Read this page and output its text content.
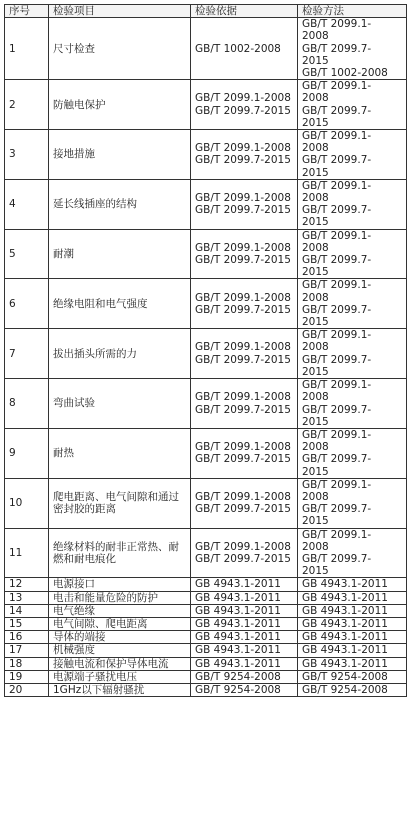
序号	检验项目	检验依据	检验方法
1	尺寸检查	GB/T 1002-2008	GB/T 2099.1-
2008
GB/T 2099.7-
2015
GB/T 1002-2008
2	防触电保护	GB/T 2099.1-2008
GB/T 2099.7-2015	GB/T 2099.1-
2008
GB/T 2099.7-
2015
3	接地措施	GB/T 2099.1-2008
GB/T 2099.7-2015	GB/T 2099.1-
2008
GB/T 2099.7-
2015
4	延长线插座的结构	GB/T 2099.1-2008
GB/T 2099.7-2015	GB/T 2099.1-
2008
GB/T 2099.7-
2015
5	耐潮	GB/T 2099.1-2008
GB/T 2099.7-2015	GB/T 2099.1-
2008
GB/T 2099.7-
2015
6	绝缘电阻和电气强度	GB/T 2099.1-2008
GB/T 2099.7-2015	GB/T 2099.1-
2008
GB/T 2099.7-
2015
7	拔出插头所需的力	GB/T 2099.1-2008
GB/T 2099.7-2015	GB/T 2099.1-
2008
GB/T 2099.7-
2015
8	弯曲试验	GB/T 2099.1-2008
GB/T 2099.7-2015	GB/T 2099.1-
2008
GB/T 2099.7-
2015
9	耐热	GB/T 2099.1-2008
GB/T 2099.7-2015	GB/T 2099.1-
2008
GB/T 2099.7-
2015
10	爬电距离、电气间隙和通过密封胶的距离	GB/T 2099.1-2008
GB/T 2099.7-2015	GB/T 2099.1-
2008
GB/T 2099.7-
2015
11	绝缘材料的耐非正常热、耐燃和耐电痕化	GB/T 2099.1-2008
GB/T 2099.7-2015	GB/T 2099.1-
2008
GB/T 2099.7-
2015
12	电源接口	GB 4943.1-2011	GB 4943.1-2011
13	电击和能量危险的防护	GB 4943.1-2011	GB 4943.1-2011
14	电气绝缘	GB 4943.1-2011	GB 4943.1-2011
15	电气间隙、爬电距离	GB 4943.1-2011	GB 4943.1-2011
16	导体的端接	GB 4943.1-2011	GB 4943.1-2011
17	机械强度	GB 4943.1-2011	GB 4943.1-2011
18	接触电流和保护导体电流	GB 4943.1-2011	GB 4943.1-2011
19	电源端子骚扰电压	GB/T 9254-2008	GB/T 9254-2008
20	1GHz以下辐射骚扰	GB/T 9254-2008	GB/T 9254-2008
